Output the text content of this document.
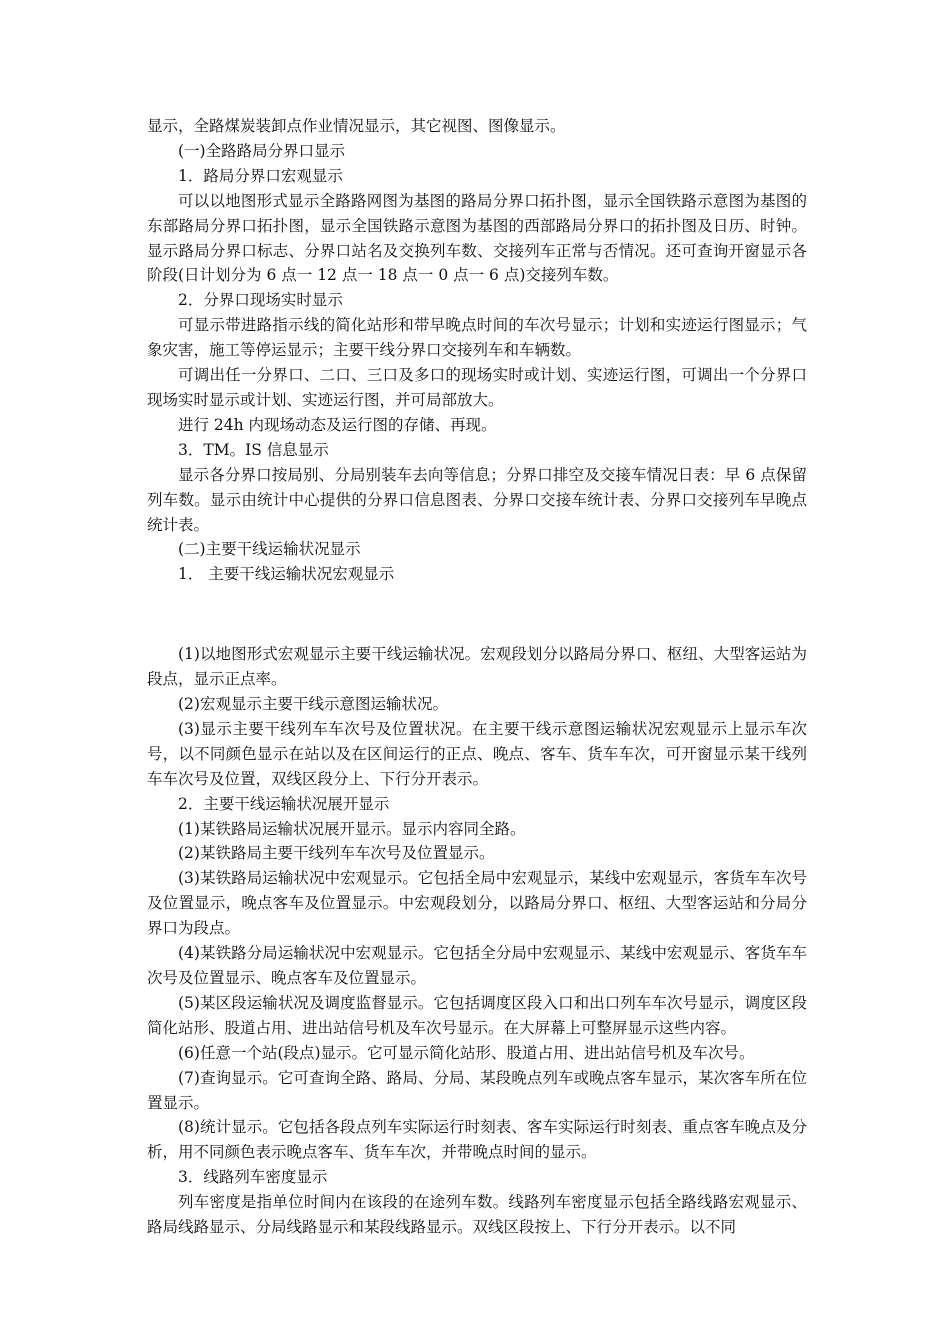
显示，全路煤炭装卸点作业情况显示，其它视图、图像显示。

(一)全路路局分界口显示

1．路局分界口宏观显示

可以以地图形式显示全路路网图为基图的路局分界口拓扑图，显示全国铁路示意图为基图的东部路局分界口拓扑图，显示全国铁路示意图为基图的西部路局分界口的拓扑图及日历、时钟。显示路局分界口标志、分界口站名及交换列车数、交接列车正常与否情况。还可查询开窗显示各阶段(日计划分为 6 点一 12 点一 18 点一 0 点一 6 点)交接列车数。

2．分界口现场实时显示

可显示带进路指示线的简化站形和带早晚点时间的车次号显示；计划和实迹运行图显示；气象灾害，施工等停运显示；主要干线分界口交接列车和车辆数。

可调出任一分界口、二口、三口及多口的现场实时或计划、实迹运行图，可调出一个分界口现场实时显示或计划、实迹运行图，并可局部放大。

进行 24h 内现场动态及运行图的存储、再现。

3．TM。IS 信息显示

显示各分界口按局别、分局别装车去向等信息；分界口排空及交接车情况日表：早 6 点保留列车数。显示由统计中心提供的分界口信息图表、分界口交接车统计表、分界口交接列车早晚点统计表。

(二)主要干线运输状况显示

1． 主要干线运输状况宏观显示

(1)以地图形式宏观显示主要干线运输状况。宏观段划分以路局分界口、枢纽、大型客运站为段点，显示正点率。

(2)宏观显示主要干线示意图运输状况。

(3)显示主要干线列车车次号及位置状况。在主要干线示意图运输状况宏观显示上显示车次号，以不同颜色显示在站以及在区间运行的正点、晚点、客车、货车车次，可开窗显示某干线列车车次号及位置，双线区段分上、下行分开表示。

2．主要干线运输状况展开显示

(1)某铁路局运输状况展开显示。显示内容同全路。

(2)某铁路局主要干线列车车次号及位置显示。

(3)某铁路局运输状况中宏观显示。它包括全局中宏观显示，某线中宏观显示，客货车车次号及位置显示，晚点客车及位置显示。中宏观段划分，以路局分界口、枢纽、大型客运站和分局分界口为段点。

(4)某铁路分局运输状况中宏观显示。它包括全分局中宏观显示、某线中宏观显示、客货车车次号及位置显示、晚点客车及位置显示。

(5)某区段运输状况及调度监督显示。它包括调度区段入口和出口列车车次号显示，调度区段简化站形、股道占用、进出站信号机及车次号显示。在大屏幕上可整屏显示这些内容。

(6)任意一个站(段点)显示。它可显示简化站形、股道占用、进出站信号机及车次号。

(7)查询显示。它可查询全路、路局、分局、某段晚点列车或晚点客车显示，某次客车所在位置显示。

(8)统计显示。它包括各段点列车实际运行时刻表、客车实际运行时刻表、重点客车晚点及分析，用不同颜色表示晚点客车、货车车次，并带晚点时间的显示。

3．线路列车密度显示

列车密度是指单位时间内在该段的在途列车数。线路列车密度显示包括全路线路宏观显示、路局线路显示、分局线路显示和某段线路显示。双线区段按上、下行分开表示。以不同
